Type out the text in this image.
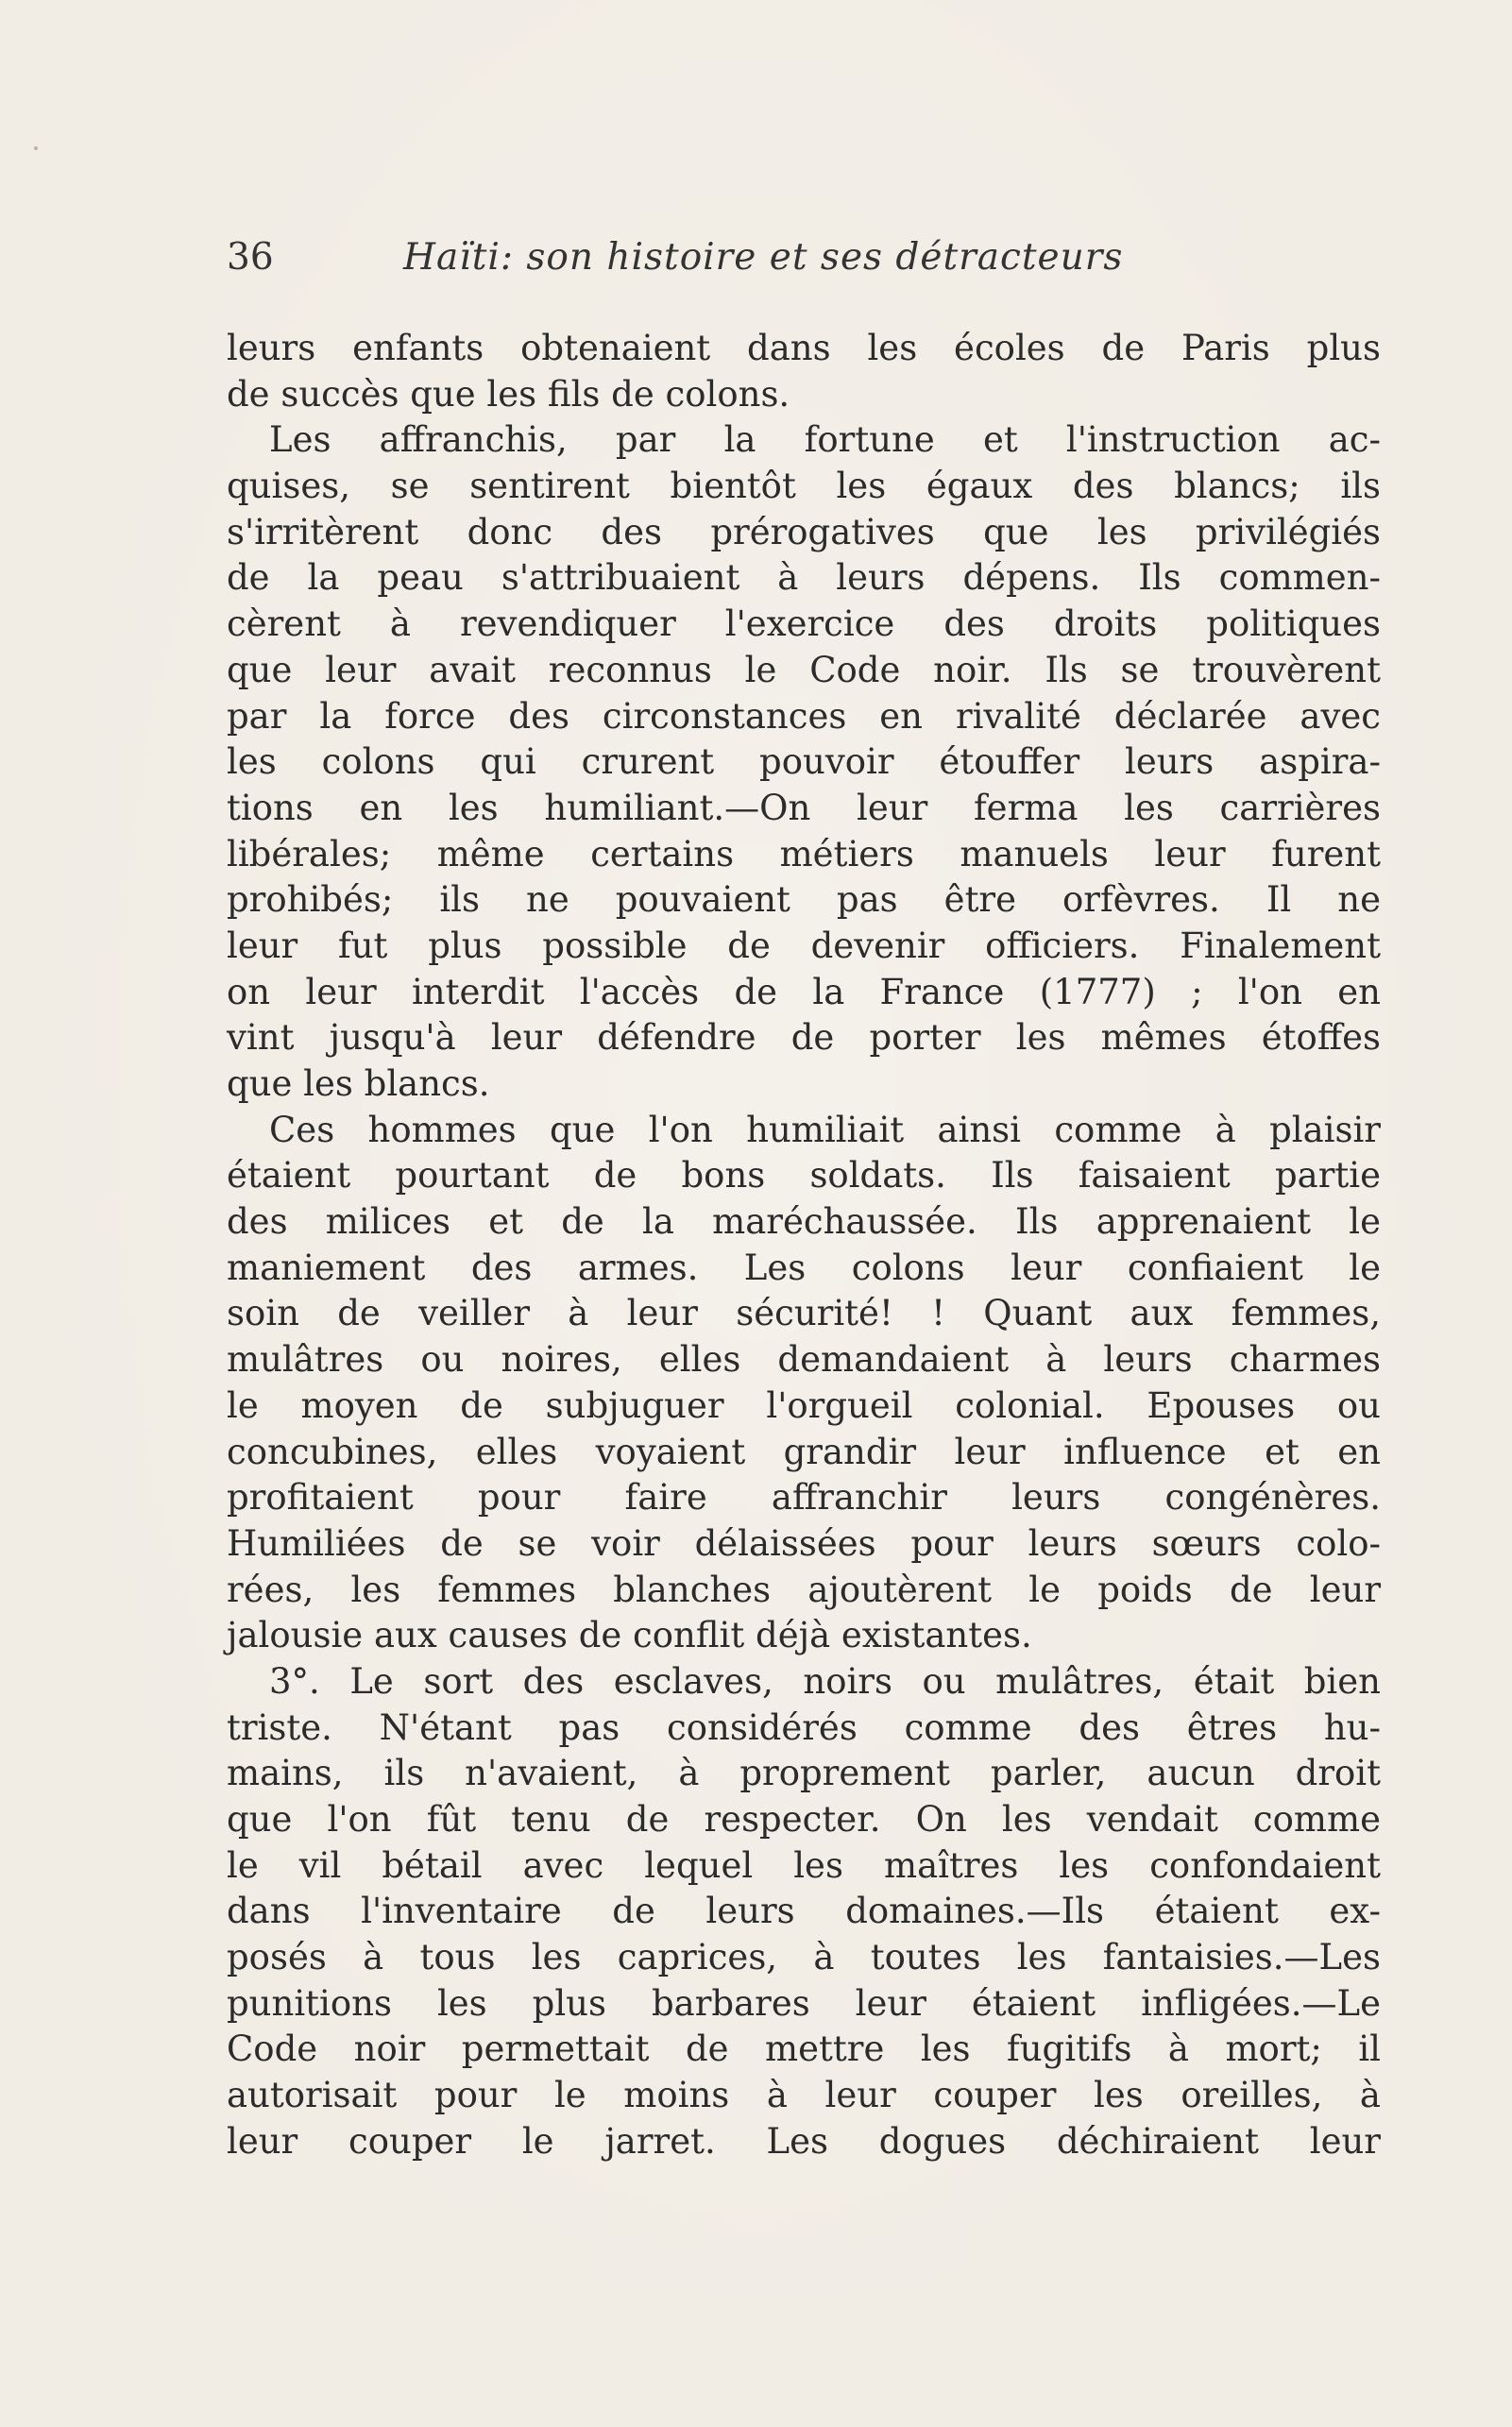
36	Haïti: son histoire et ses détracteurs
leurs enfants obtenaient dans les écoles de Paris plus
de succès que les fils de colons.
Les affranchis, par la fortune et l'instruction ac-
quises, se sentirent bientôt les égaux des blancs; ils
s'irritèrent donc des prérogatives que les privilégiés
de la peau s'attribuaient à leurs dépens. Ils commen-
cèrent à revendiquer l'exercice des droits politiques
que leur avait reconnus le Code noir. Ils se trouvèrent
par la force des circonstances en rivalité déclarée avec
les colons qui crurent pouvoir étouffer leurs aspira-
tions en les humiliant.—On leur ferma les carrières
libérales; même certains métiers manuels leur furent
prohibés; ils ne pouvaient pas être orfèvres. Il ne
leur fut plus possible de devenir officiers. Finalement
on leur interdit l'accès de la France (1777) ; l'on en
vint jusqu'à leur défendre de porter les mêmes étoffes
que les blancs.
Ces hommes que l'on humiliait ainsi comme à plaisir
étaient pourtant de bons soldats. Ils faisaient partie
des milices et de la maréchaussée. Ils apprenaient le
maniement des armes. Les colons leur confiaient le
soin de veiller à leur sécurité! ! Quant aux femmes,
mulâtres ou noires, elles demandaient à leurs charmes
le moyen de subjuguer l'orgueil colonial. Epouses ou
concubines, elles voyaient grandir leur influence et en
profitaient pour faire affranchir leurs congénères.
Humiliées de se voir délaissées pour leurs sœurs colo-
rées, les femmes blanches ajoutèrent le poids de leur
jalousie aux causes de conflit déjà existantes.
3°. Le sort des esclaves, noirs ou mulâtres, était bien
triste. N'étant pas considérés comme des êtres hu-
mains, ils n'avaient, à proprement parler, aucun droit
que l'on fût tenu de respecter. On les vendait comme
le vil bétail avec lequel les maîtres les confondaient
dans l'inventaire de leurs domaines.—Ils étaient ex-
posés à tous les caprices, à toutes les fantaisies.—Les
punitions les plus barbares leur étaient infligées.—Le
Code noir permettait de mettre les fugitifs à mort; il
autorisait pour le moins à leur couper les oreilles, à
leur couper le jarret. Les dogues déchiraient leur
